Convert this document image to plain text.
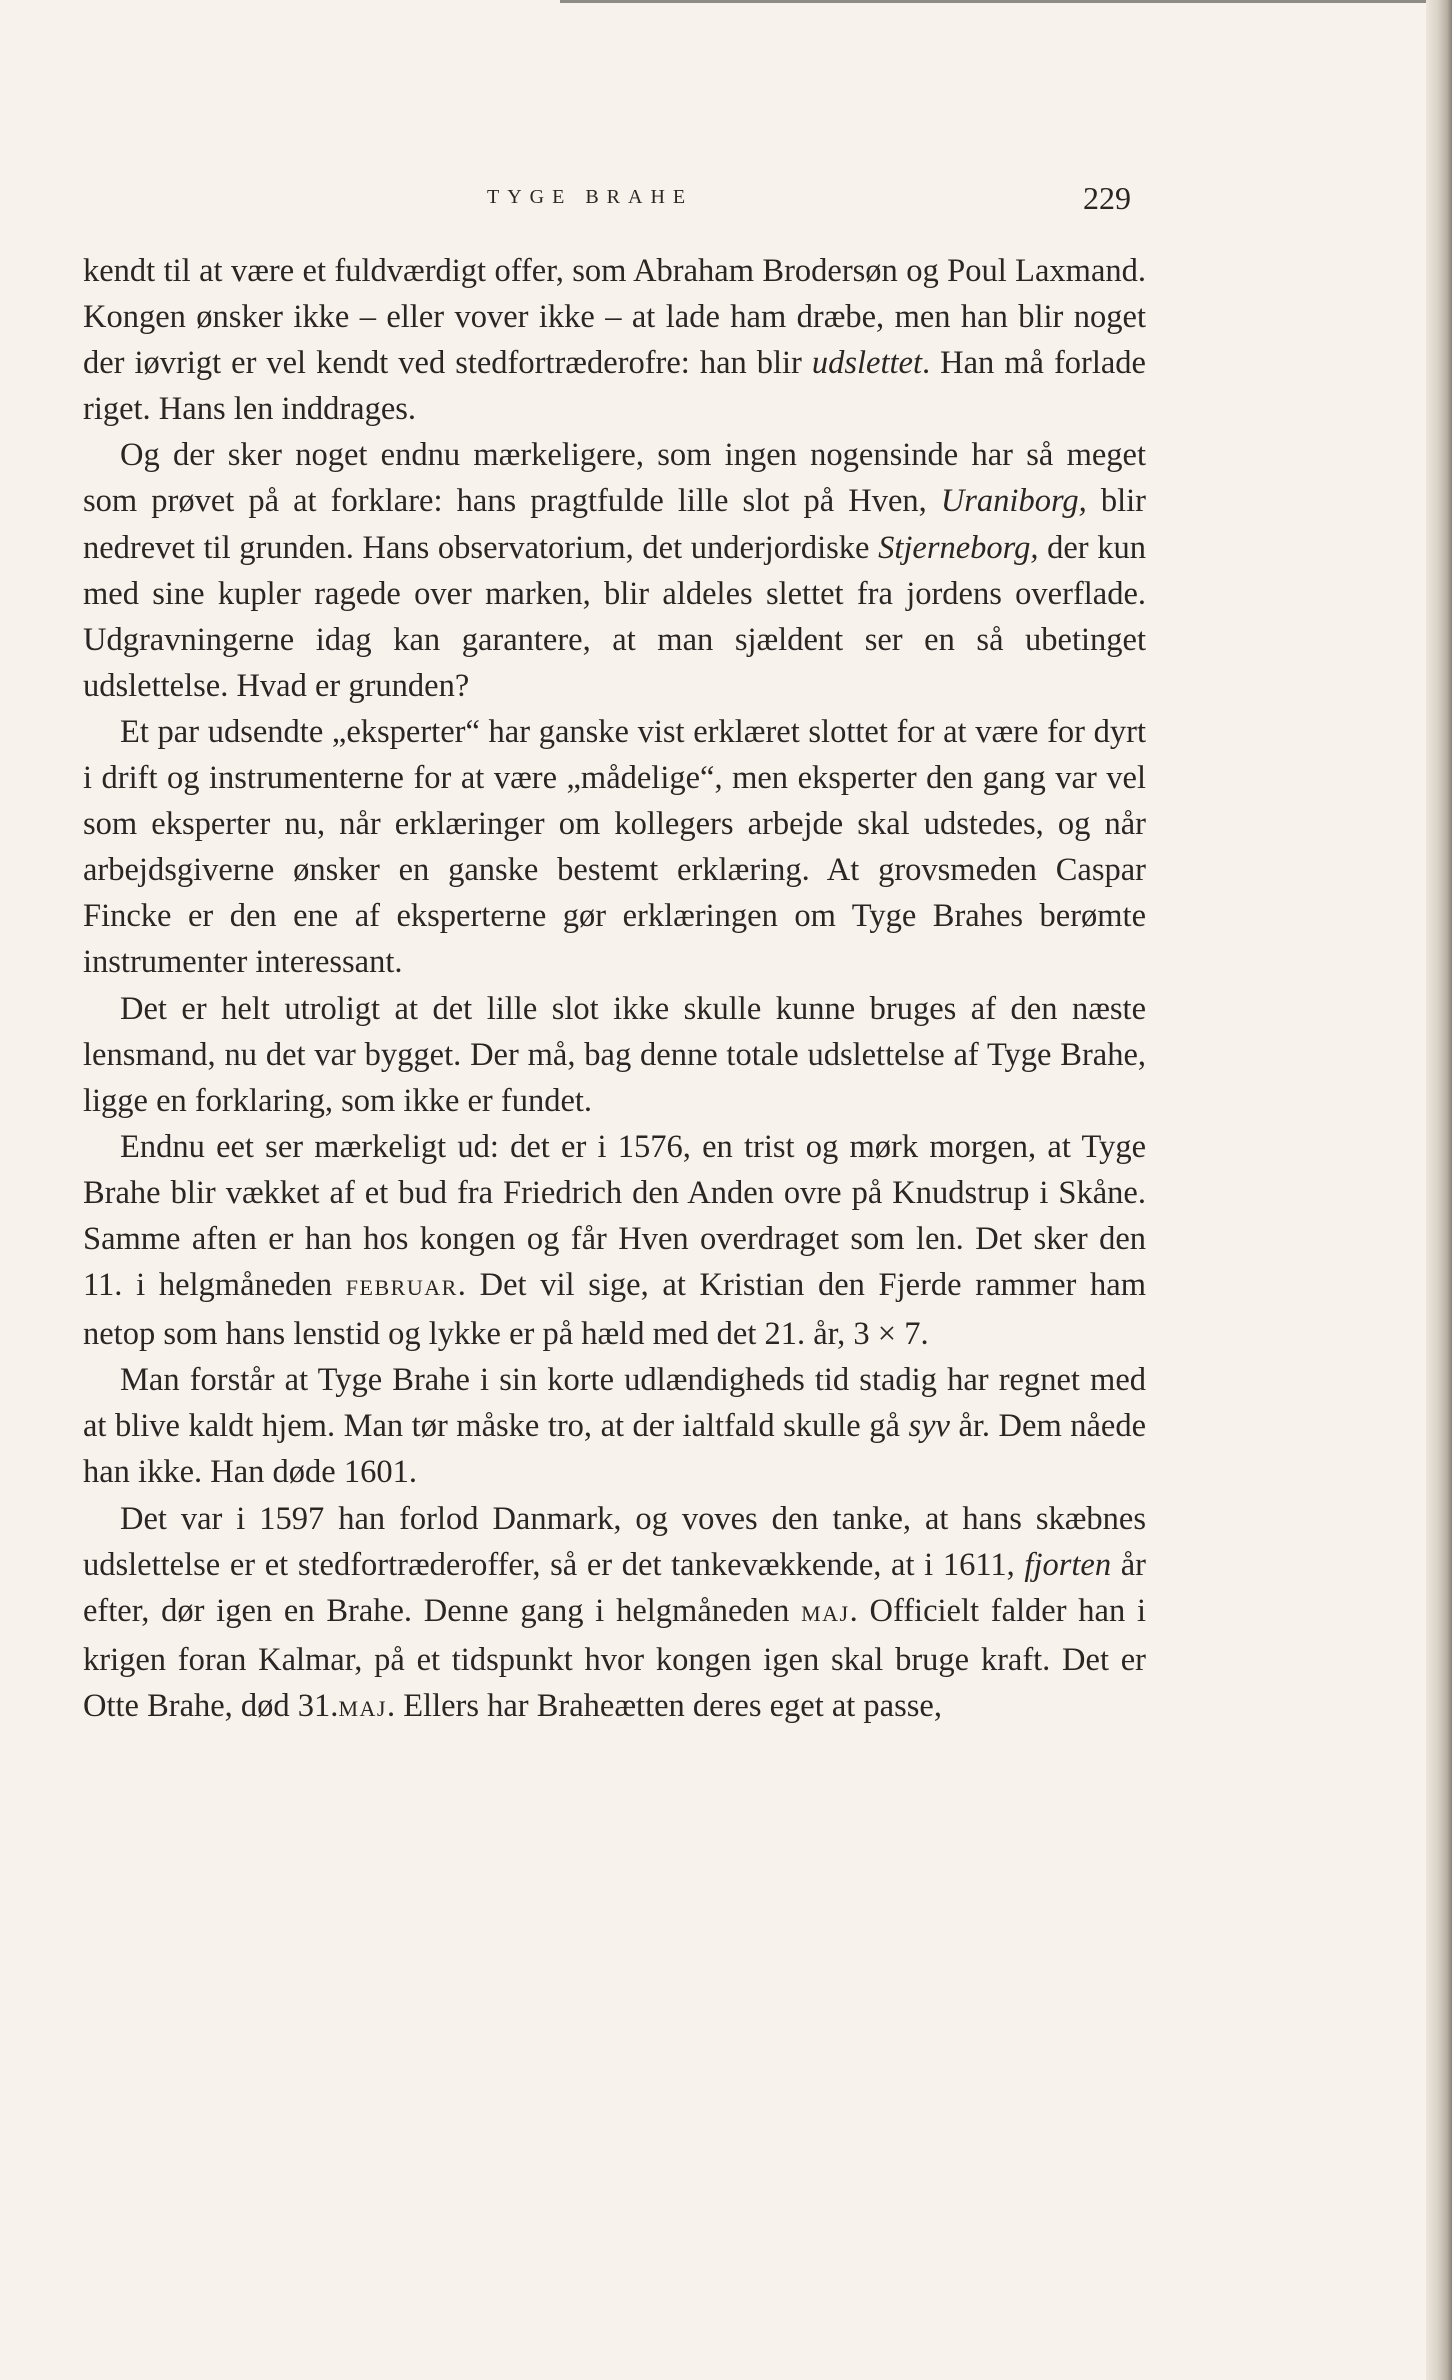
TYGE BRAHE	229

kendt til at være et fuldværdigt offer, som Abraham Brodersøn og Poul Laxmand. Kongen ønsker ikke – eller vover ikke – at lade ham dræbe, men han blir noget der iøvrigt er vel kendt ved stedfortræderofre: han blir udslettet. Han må forlade riget. Hans len inddrages.

Og der sker noget endnu mærkeligere, som ingen nogensinde har så meget som prøvet på at forklare: hans pragtfulde lille slot på Hven, Uraniborg, blir nedrevet til grunden. Hans observatorium, det underjordiske Stjerneborg, der kun med sine kupler ragede over marken, blir aldeles slettet fra jordens overflade. Udgravningerne idag kan garantere, at man sjældent ser en så ubetinget udslettelse. Hvad er grunden?

Et par udsendte „eksperter“ har ganske vist erklæret slottet for at være for dyrt i drift og instrumenterne for at være „mådelige“, men eksperter den gang var vel som eksperter nu, når erklæringer om kollegers arbejde skal udstedes, og når arbejdsgiverne ønsker en ganske bestemt erklæring. At grovsmeden Caspar Fincke er den ene af eksperterne gør erklæringen om Tyge Brahes berømte instrumenter interessant.

Det er helt utroligt at det lille slot ikke skulle kunne bruges af den næste lensmand, nu det var bygget. Der må, bag denne totale udslettelse af Tyge Brahe, ligge en forklaring, som ikke er fundet.

Endnu eet ser mærkeligt ud: det er i 1576, en trist og mørk morgen, at Tyge Brahe blir vækket af et bud fra Friedrich den Anden ovre på Knudstrup i Skåne. Samme aften er han hos kongen og får Hven overdraget som len. Det sker den 11. i helgmåneden FEBRUAR. Det vil sige, at Kristian den Fjerde rammer ham netop som hans lenstid og lykke er på hæld med det 21. år, 3 × 7.

Man forstår at Tyge Brahe i sin korte udlændigheds tid stadig har regnet med at blive kaldt hjem. Man tør måske tro, at der ialtfald skulle gå syv år. Dem nåede han ikke. Han døde 1601.

Det var i 1597 han forlod Danmark, og voves den tanke, at hans skæbnes udslettelse er et stedfortræderoffer, så er det tankevækkende, at i 1611, fjorten år efter, dør igen en Brahe. Denne gang i helgmåneden MAJ. Officielt falder han i krigen foran Kalmar, på et tidspunkt hvor kongen igen skal bruge kraft. Det er Otte Brahe, død 31.MAJ. Ellers har Braheætten deres eget at passe,
